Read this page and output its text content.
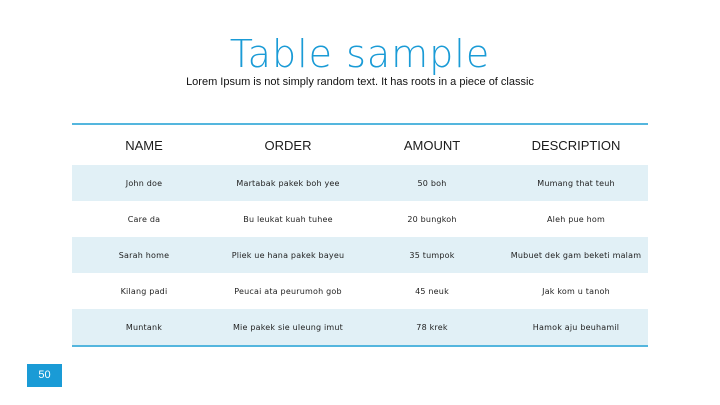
Table sample
Lorem Ipsum is not simply random text. It has roots in a piece of classic
NAME	ORDER	AMOUNT	DESCRIPTION
John doe	Martabak pakek boh yee	50 boh	Mumang that teuh
Care da	Bu leukat kuah tuhee	20 bungkoh	Aleh pue hom
Sarah home	Pliek ue hana pakek bayeu	35 tumpok	Mubuet dek gam beketi malam
Kilang padi	Peucai ata peurumoh gob	45 neuk	Jak kom u tanoh
Muntank	Mie pakek sie uleung imut	78 krek	Hamok aju beuhamil
50
